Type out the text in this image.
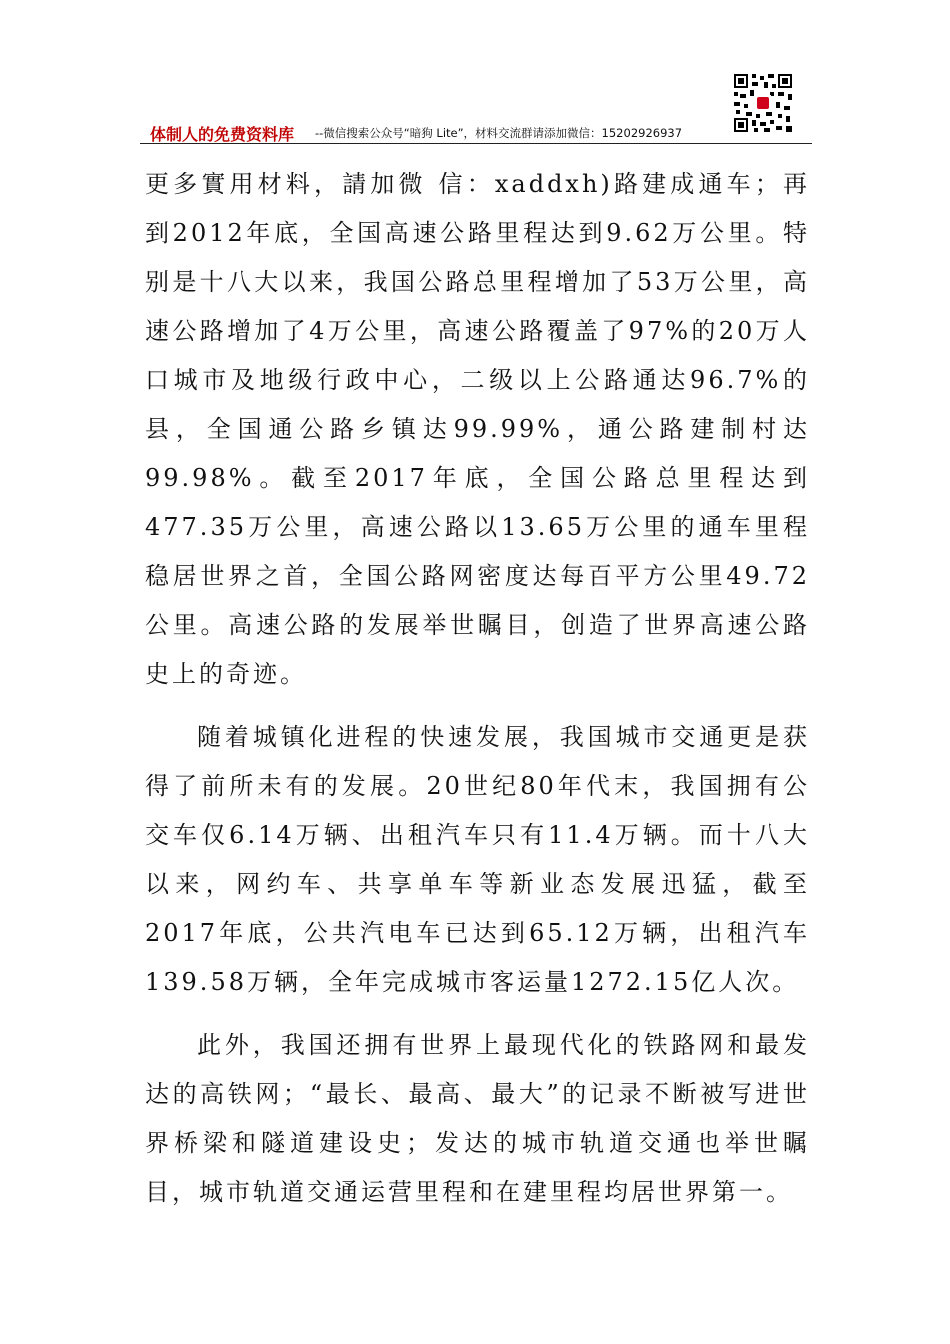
体制人的免费资料库 --微信搜索公众号“暗狗 Lite”，材料交流群请添加微信：15202926937

更多實用材料，請加微 信：xaddxh)路建成通车；再到2012年底，全国高速公路里程达到9.62万公里。特别是十八大以来，我国公路总里程增加了53万公里，高速公路增加了4万公里，高速公路覆盖了97%的20万人口城市及地级行政中心，二级以上公路通达96.7%的县，全国通公路乡镇达99.99%，通公路建制村达99.98%。截至2017年底，全国公路总里程达到477.35万公里，高速公路以13.65万公里的通车里程稳居世界之首，全国公路网密度达每百平方公里49.72公里。高速公路的发展举世瞩目，创造了世界高速公路史上的奇迹。

随着城镇化进程的快速发展，我国城市交通更是获得了前所未有的发展。20世纪80年代末，我国拥有公交车仅6.14万辆、出租汽车只有11.4万辆。而十八大以来，网约车、共享单车等新业态发展迅猛，截至2017年底，公共汽电车已达到65.12万辆，出租汽车139.58万辆，全年完成城市客运量1272.15亿人次。

此外，我国还拥有世界上最现代化的铁路网和最发达的高铁网；“最长、最高、最大”的记录不断被写进世界桥梁和隧道建设史；发达的城市轨道交通也举世瞩目，城市轨道交通运营里程和在建里程均居世界第一。
